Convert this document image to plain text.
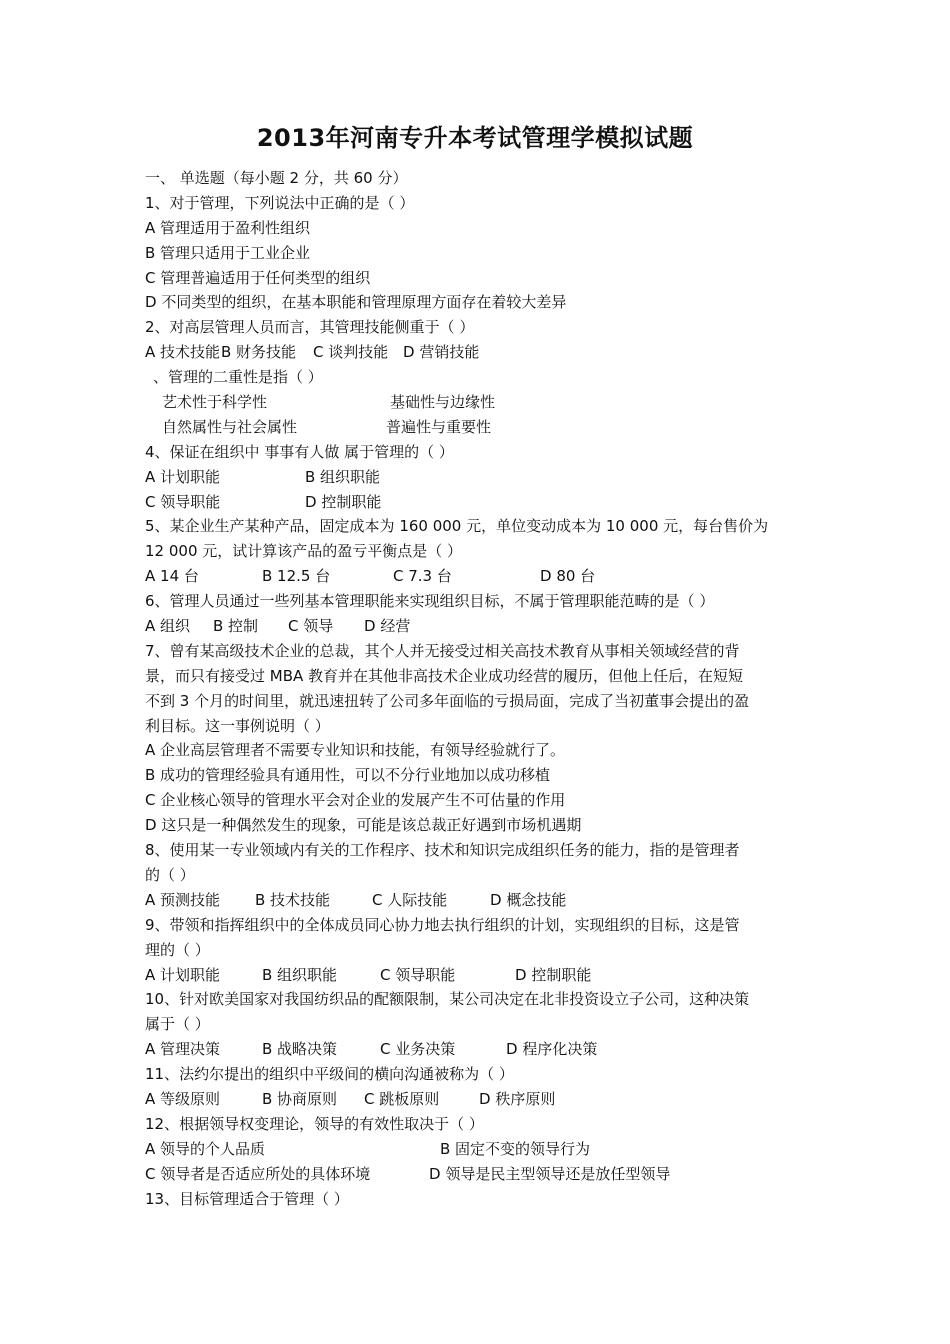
2013年河南专升本考试管理学模拟试题
一、 单选题（每小题 2 分，共 60 分）
1、对于管理，下列说法中正确的是（ ）
A 管理适用于盈利性组织
B 管理只适用于工业企业
C 管理普遍适用于任何类型的组织
D 不同类型的组织，在基本职能和管理原理方面存在着较大差异
2、对高层管理人员而言，其管理技能侧重于（ ）
A 技术技能B 财务技能 C 谈判技能 D 营销技能
、管理的二重性是指（ ）
艺术性于科学性	基础性与边缘性
自然属性与社会属性	普遍性与重要性
4、保证在组织中 事事有人做 属于管理的（ ）
A 计划职能	B 组织职能
C 领导职能	D 控制职能
5、某企业生产某种产品，固定成本为 160 000 元，单位变动成本为 10 000 元，每台售价为
12 000 元，试计算该产品的盈亏平衡点是（ ）
A 14 台	B 12.5 台	C 7.3 台	D 80 台
6、管理人员通过一些列基本管理职能来实现组织目标，不属于管理职能范畴的是（ ）
A 组织 B 控制 C 领导 D 经营
7、曾有某高级技术企业的总裁，其个人并无接受过相关高技术教育从事相关领域经营的背
景，而只有接受过 MBA 教育并在其他非高技术企业成功经营的履历，但他上任后，在短短
不到 3 个月的时间里，就迅速扭转了公司多年面临的亏损局面，完成了当初董事会提出的盈
利目标。这一事例说明（ ）
A 企业高层管理者不需要专业知识和技能，有领导经验就行了。
B 成功的管理经验具有通用性，可以不分行业地加以成功移植
C 企业核心领导的管理水平会对企业的发展产生不可估量的作用
D 这只是一种偶然发生的现象，可能是该总裁正好遇到市场机遇期
8、使用某一专业领域内有关的工作程序、技术和知识完成组织任务的能力，指的是管理者
的（ ）
A 预测技能 B 技术技能	C 人际技能	D 概念技能
9、带领和指挥组织中的全体成员同心协力地去执行组织的计划，实现组织的目标，这是管
理的（ ）
A 计划职能	B 组织职能	C 领导职能	D 控制职能
10、针对欧美国家对我国纺织品的配额限制，某公司决定在北非投资设立子公司，这种决策
属于（ ）
A 管理决策	B 战略决策	C 业务决策	D 程序化决策
11、法约尔提出的组织中平级间的横向沟通被称为（ ）
A 等级原则	B 协商原则 C 跳板原则	D 秩序原则
12、根据领导权变理论，领导的有效性取决于（ ）
A 领导的个人品质	B 固定不变的领导行为
C 领导者是否适应所处的具体环境	D 领导是民主型领导还是放任型领导
13、目标管理适合于管理（ ）
